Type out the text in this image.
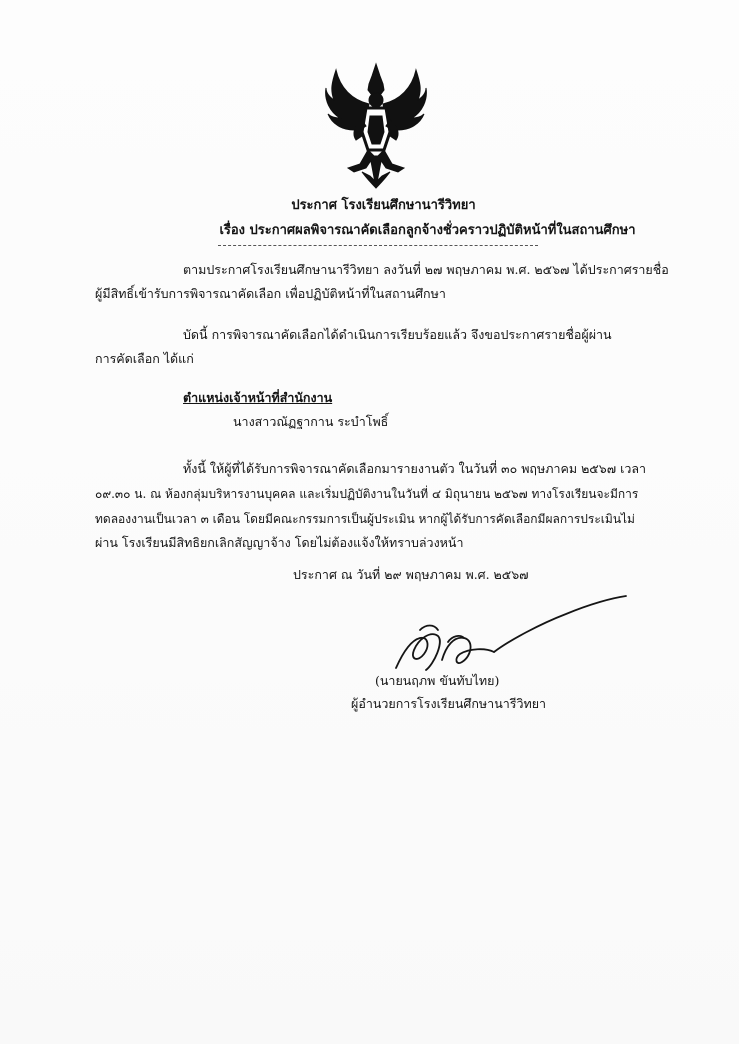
ประกาศ โรงเรียนศึกษานารีวิทยา
เรื่อง ประกาศผลพิจารณาคัดเลือกลูกจ้างชั่วคราวปฏิบัติหน้าที่ในสถานศึกษา
ตามประกาศโรงเรียนศึกษานารีวิทยา ลงวันที่ ๒๗ พฤษภาคม พ.ศ. ๒๕๖๗ ได้ประกาศรายชื่อ
ผู้มีสิทธิ์เข้ารับการพิจารณาคัดเลือก เพื่อปฏิบัติหน้าที่ในสถานศึกษา
บัดนี้ การพิจารณาคัดเลือกได้ดำเนินการเรียบร้อยแล้ว จึงขอประกาศรายชื่อผู้ผ่าน
การคัดเลือก ได้แก่
ตำแหน่งเจ้าหน้าที่สำนักงาน
นางสาวณัฏฐากาน ระบำโพธิ์
ทั้งนี้ ให้ผู้ที่ได้รับการพิจารณาคัดเลือกมารายงานตัว ในวันที่ ๓๐ พฤษภาคม ๒๕๖๗ เวลา
๐๙.๓๐ น. ณ ห้องกลุ่มบริหารงานบุคคล และเริ่มปฏิบัติงานในวันที่ ๔ มิถุนายน ๒๕๖๗ ทางโรงเรียนจะมีการ
ทดลองงานเป็นเวลา ๓ เดือน โดยมีคณะกรรมการเป็นผู้ประเมิน หากผู้ได้รับการคัดเลือกมีผลการประเมินไม่
ผ่าน โรงเรียนมีสิทธิยกเลิกสัญญาจ้าง โดยไม่ต้องแจ้งให้ทราบล่วงหน้า
ประกาศ ณ วันที่ ๒๙ พฤษภาคม พ.ศ. ๒๕๖๗
(นายนฤภพ ขันทับไทย)
ผู้อำนวยการโรงเรียนศึกษานารีวิทยา
